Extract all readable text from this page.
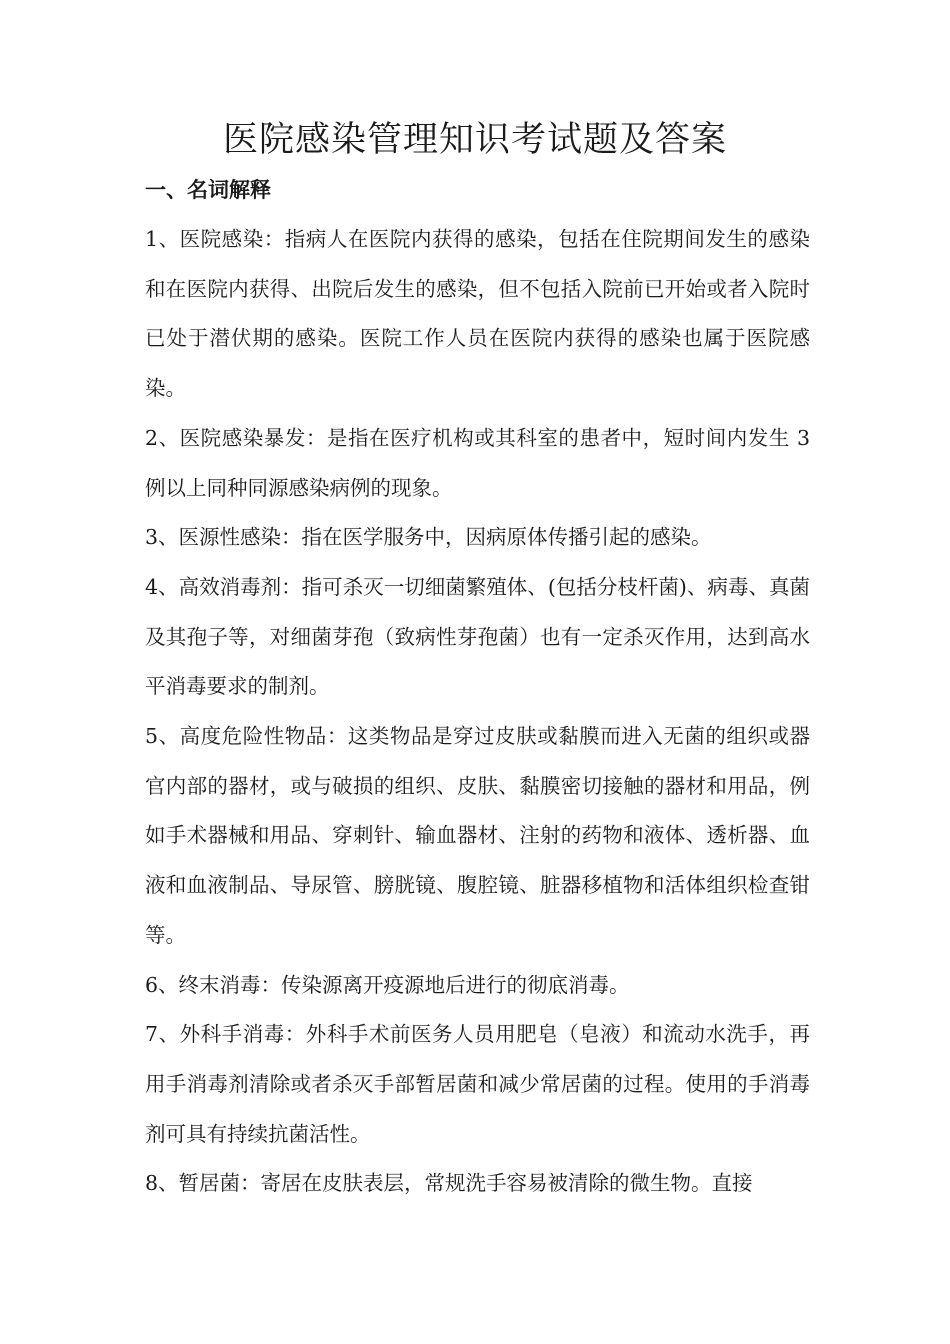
医院感染管理知识考试题及答案
一、名词解释

1、医院感染：指病人在医院内获得的感染，包括在住院期间发生的感染和在医院内获得、出院后发生的感染，但不包括入院前已开始或者入院时已处于潜伏期的感染。医院工作人员在医院内获得的感染也属于医院感染。

2、医院感染暴发：是指在医疗机构或其科室的患者中，短时间内发生 3 例以上同种同源感染病例的现象。

3、医源性感染：指在医学服务中，因病原体传播引起的感染。

4、高效消毒剂：指可杀灭一切细菌繁殖体、(包括分枝杆菌)、病毒、真菌及其孢子等，对细菌芽孢（致病性芽孢菌）也有一定杀灭作用，达到高水平消毒要求的制剂。

5、高度危险性物品：这类物品是穿过皮肤或黏膜而进入无菌的组织或器官内部的器材，或与破损的组织、皮肤、黏膜密切接触的器材和用品，例如手术器械和用品、穿刺针、输血器材、注射的药物和液体、透析器、血液和血液制品、导尿管、膀胱镜、腹腔镜、脏器移植物和活体组织检查钳等。

6、终末消毒：传染源离开疫源地后进行的彻底消毒。

7、外科手消毒：外科手术前医务人员用肥皂（皂液）和流动水洗手，再用手消毒剂清除或者杀灭手部暂居菌和减少常居菌的过程。使用的手消毒剂可具有持续抗菌活性。

8、暂居菌：寄居在皮肤表层，常规洗手容易被清除的微生物。直接
